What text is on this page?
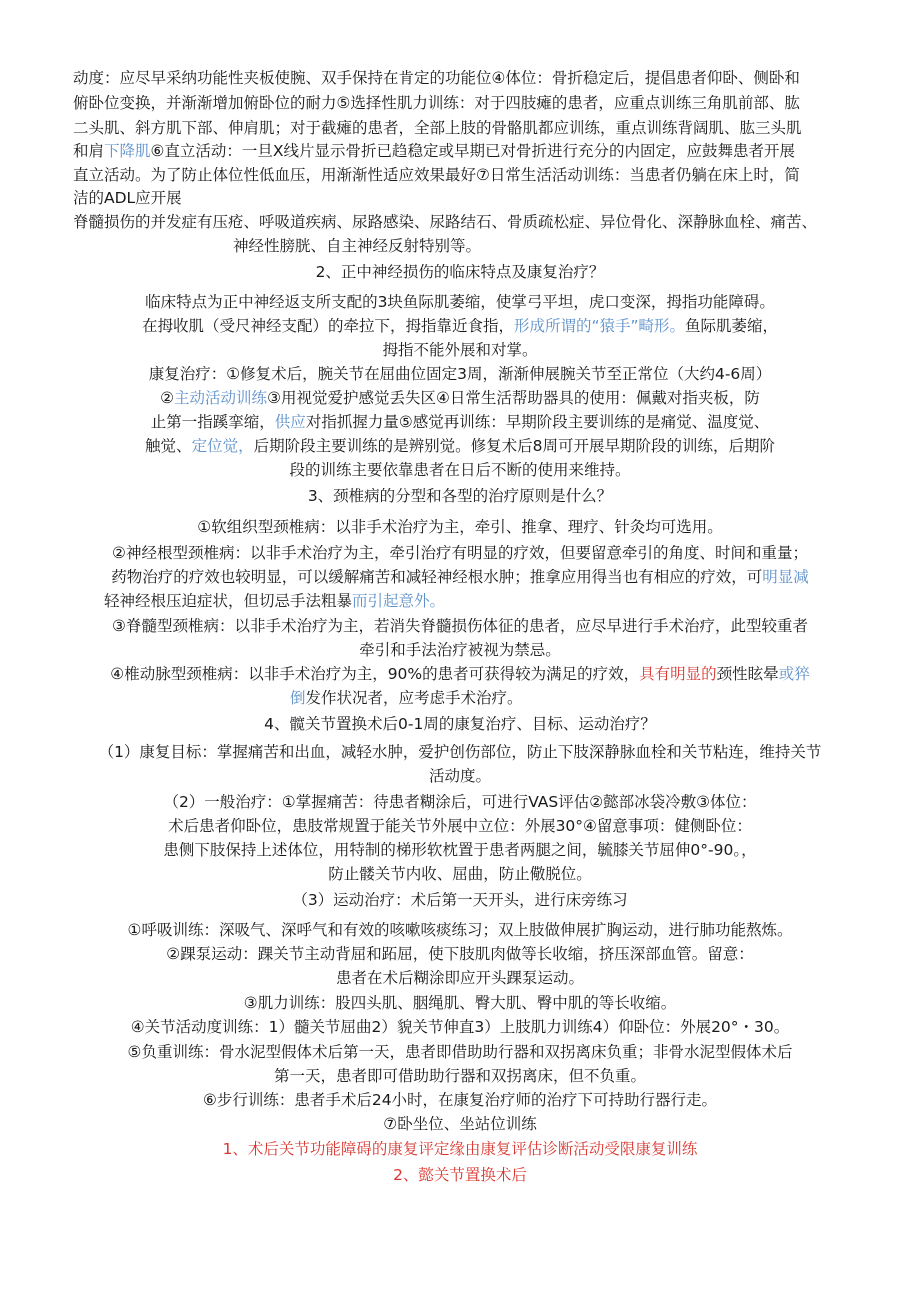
动度：应尽早采纳功能性夹板使腕、双手保持在肯定的功能位④体位：骨折稳定后，提倡患者仰卧、侧卧和
俯卧位变换，并渐渐增加俯卧位的耐力⑤选择性肌力训练：对于四肢瘫的患者，应重点训练三角肌前部、肱
二头肌、斜方肌下部、伸肩肌；对于截瘫的患者，全部上肢的骨骼肌都应训练，重点训练背阔肌、肱三头肌
和肩下降肌⑥直立活动：一旦X线片显示骨折已趋稳定或早期已对骨折进行充分的内固定，应鼓舞患者开展
直立活动。为了防止体位性低血压，用渐渐性适应效果最好⑦日常生活活动训练：当患者仍躺在床上时，简
洁的ADL应开展
脊髓损伤的并发症有压疮、呼吸道疾病、尿路感染、尿路结石、骨质疏松症、异位骨化、深静脉血栓、痛苦、
神经性膀胱、自主神经反射特别等。
2、正中神经损伤的临床特点及康复治疗？
临床特点为正中神经返支所支配的3块鱼际肌萎缩，使掌弓平坦，虎口变深，拇指功能障碍。
在拇收肌（受尺神经支配）的牵拉下，拇指靠近食指，形成所谓的“猿手”畸形。鱼际肌萎缩，
拇指不能外展和对掌。
康复治疗：①修复术后，腕关节在屈曲位固定3周，渐渐伸展腕关节至正常位（大约4-6周）
②主动活动训练③用视觉爱护感觉丢失区④日常生活帮助器具的使用：佩戴对指夹板，防
止第一指蹊挛缩，供应对指抓握力量⑤感觉再训练：早期阶段主要训练的是痛觉、温度觉、
触觉、定位觉，后期阶段主要训练的是辨别觉。修复术后8周可开展早期阶段的训练，后期阶
段的训练主要依靠患者在日后不断的使用来维持。
3、颈椎病的分型和各型的治疗原则是什么？
①软组织型颈椎病：以非手术治疗为主，牵引、推拿、理疗、针灸均可选用。
②神经根型颈椎病：以非手术治疗为主，牵引治疗有明显的疗效，但要留意牵引的角度、时间和重量；
药物治疗的疗效也较明显，可以缓解痛苦和减轻神经根水肿；推拿应用得当也有相应的疗效，可明显减
轻神经根压迫症状，但切忌手法粗暴而引起意外。
③脊髓型颈椎病：以非手术治疗为主，若消失脊髓损伤体征的患者，应尽早进行手术治疗，此型较重者
牵引和手法治疗被视为禁忌。
④椎动脉型颈椎病：以非手术治疗为主，90%的患者可获得较为满足的疗效，具有明显的颈性眩晕或猝
倒发作状况者，应考虑手术治疗。
4、髋关节置换术后0-1周的康复治疗、目标、运动治疗？
（1）康复目标：掌握痛苦和出血，减轻水肿，爱护创伤部位，防止下肢深静脉血栓和关节粘连，维持关节
活动度。
（2）一般治疗：①掌握痛苦：待患者糊涂后，可进行VAS评估②懿部冰袋冷敷③体位：
术后患者仰卧位，患肢常规置于能关节外展中立位：外展30°④留意事项：健侧卧位：
患侧下肢保持上述体位，用特制的梯形软枕置于患者两腿之间，毓膝关节屈伸0°-90。，
防止髅关节内收、屈曲，防止儆脱位。
（3）运动治疗：术后第一天开头，进行床旁练习
①呼吸训练：深吸气、深呼气和有效的咳嗽咳痰练习；双上肢做伸展扩胸运动，进行肺功能熬炼。
②踝泵运动：踝关节主动背屈和跖屈，使下肢肌肉做等长收缩，挤压深部血管。留意：
患者在术后糊涂即应开头踝泵运动。
③肌力训练：股四头肌、胭绳肌、臀大肌、臀中肌的等长收缩。
④关节活动度训练：1）髓关节屈曲2）貌关节伸直3）上肢肌力训练4）仰卧位：外展20°・30。
⑤负重训练：骨水泥型假体术后第一天，患者即借助助行器和双拐离床负重；非骨水泥型假体术后
第一天，患者即可借助助行器和双拐离床，但不负重。
⑥步行训练：患者手术后24小时，在康复治疗师的治疗下可持助行器行走。
⑦卧坐位、坐站位训练
1、术后关节功能障碍的康复评定缘由康复评估诊断活动受限康复训练
2、懿关节置换术后
